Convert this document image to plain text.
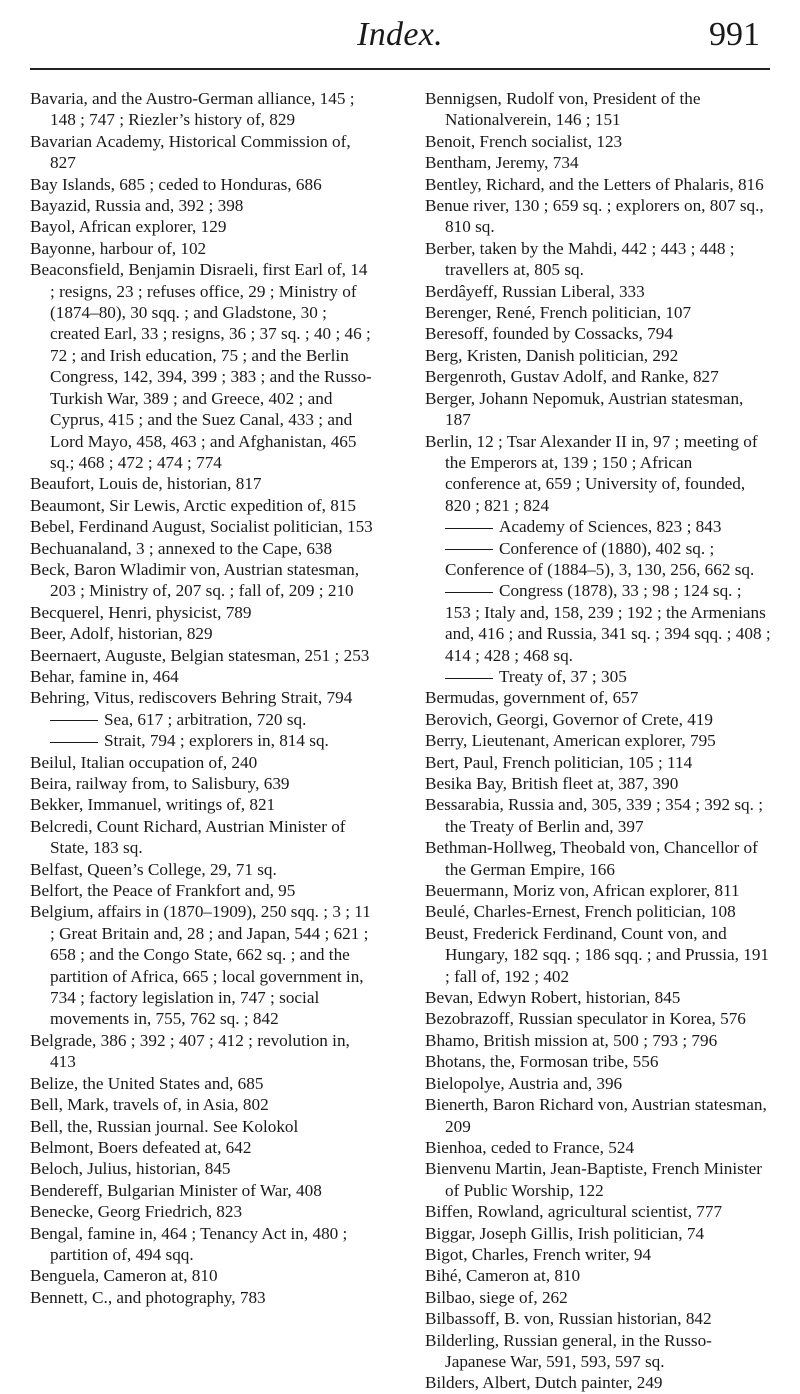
Index.	991

Bavaria, and the Austro-German alliance, 145 ; 148 ; 747 ; Riezler’s history of, 829

Bavarian Academy, Historical Commission of, 827

Bay Islands, 685 ; ceded to Honduras, 686

Bayazid, Russia and, 392 ; 398

Bayol, African explorer, 129

Bayonne, harbour of, 102

Beaconsfield, Benjamin Disraeli, first Earl of, 14 ; resigns, 23 ; refuses office, 29 ; Ministry of (1874–80), 30 sqq. ; and Gladstone, 30 ; created Earl, 33 ; resigns, 36 ; 37 sq. ; 40 ; 46 ; 72 ; and Irish education, 75 ; and the Berlin Congress, 142, 394, 399 ; 383 ; and the Russo-Turkish War, 389 ; and Greece, 402 ; and Cyprus, 415 ; and the Suez Canal, 433 ; and Lord Mayo, 458, 463 ; and Afghanistan, 465 sq.; 468 ; 472 ; 474 ; 774

Beaufort, Louis de, historian, 817

Beaumont, Sir Lewis, Arctic expedition of, 815

Bebel, Ferdinand August, Socialist politician, 153

Bechuanaland, 3 ; annexed to the Cape, 638

Beck, Baron Wladimir von, Austrian statesman, 203 ; Ministry of, 207 sq. ; fall of, 209 ; 210

Becquerel, Henri, physicist, 789

Beer, Adolf, historian, 829

Beernaert, Auguste, Belgian statesman, 251 ; 253

Behar, famine in, 464

Behring, Vitus, rediscovers Behring Strait, 794

Sea, 617 ; arbitration, 720 sq.

Strait, 794 ; explorers in, 814 sq.

Beilul, Italian occupation of, 240

Beira, railway from, to Salisbury, 639

Bekker, Immanuel, writings of, 821

Belcredi, Count Richard, Austrian Minister of State, 183 sq.

Belfast, Queen’s College, 29, 71 sq.

Belfort, the Peace of Frankfort and, 95

Belgium, affairs in (1870–1909), 250 sqq. ; 3 ; 11 ; Great Britain and, 28 ; and Japan, 544 ; 621 ; 658 ; and the Congo State, 662 sq. ; and the partition of Africa, 665 ; local government in, 734 ; factory legislation in, 747 ; social movements in, 755, 762 sq. ; 842

Belgrade, 386 ; 392 ; 407 ; 412 ; revolution in, 413

Belize, the United States and, 685

Bell, Mark, travels of, in Asia, 802

Bell, the, Russian journal. See Kolokol

Belmont, Boers defeated at, 642

Beloch, Julius, historian, 845

Bendereff, Bulgarian Minister of War, 408

Benecke, Georg Friedrich, 823

Bengal, famine in, 464 ; Tenancy Act in, 480 ; partition of, 494 sqq.

Benguela, Cameron at, 810

Bennett, C., and photography, 783

Bennigsen, Rudolf von, President of the Nationalverein, 146 ; 151

Benoit, French socialist, 123

Bentham, Jeremy, 734

Bentley, Richard, and the Letters of Phalaris, 816

Benue river, 130 ; 659 sq. ; explorers on, 807 sq., 810 sq.

Berber, taken by the Mahdi, 442 ; 443 ; 448 ; travellers at, 805 sq.

Berdâyeff, Russian Liberal, 333

Berenger, René, French politician, 107

Beresoff, founded by Cossacks, 794

Berg, Kristen, Danish politician, 292

Bergenroth, Gustav Adolf, and Ranke, 827

Berger, Johann Nepomuk, Austrian statesman, 187

Berlin, 12 ; Tsar Alexander II in, 97 ; meeting of the Emperors at, 139 ; 150 ; African conference at, 659 ; University of, founded, 820 ; 821 ; 824

Academy of Sciences, 823 ; 843

Conference of (1880), 402 sq. ; Conference of (1884–5), 3, 130, 256, 662 sq.

Congress (1878), 33 ; 98 ; 124 sq. ; 153 ; Italy and, 158, 239 ; 192 ; the Armenians and, 416 ; and Russia, 341 sq. ; 394 sqq. ; 408 ; 414 ; 428 ; 468 sq.

Treaty of, 37 ; 305

Bermudas, government of, 657

Berovich, Georgi, Governor of Crete, 419

Berry, Lieutenant, American explorer, 795

Bert, Paul, French politician, 105 ; 114

Besika Bay, British fleet at, 387, 390

Bessarabia, Russia and, 305, 339 ; 354 ; 392 sq. ; the Treaty of Berlin and, 397

Bethman-Hollweg, Theobald von, Chancellor of the German Empire, 166

Beuermann, Moriz von, African explorer, 811

Beulé, Charles-Ernest, French politician, 108

Beust, Frederick Ferdinand, Count von, and Hungary, 182 sqq. ; 186 sqq. ; and Prussia, 191 ; fall of, 192 ; 402

Bevan, Edwyn Robert, historian, 845

Bezobrazoff, Russian speculator in Korea, 576

Bhamo, British mission at, 500 ; 793 ; 796

Bhotans, the, Formosan tribe, 556

Bielopolye, Austria and, 396

Bienerth, Baron Richard von, Austrian statesman, 209

Bienhoa, ceded to France, 524

Bienvenu Martin, Jean-Baptiste, French Minister of Public Worship, 122

Biffen, Rowland, agricultural scientist, 777

Biggar, Joseph Gillis, Irish politician, 74

Bigot, Charles, French writer, 94

Bihé, Cameron at, 810

Bilbao, siege of, 262

Bilbassoff, B. von, Russian historian, 842

Bilderling, Russian general, in the Russo-Japanese War, 591, 593, 597 sq.

Bilders, Albert, Dutch painter, 249
